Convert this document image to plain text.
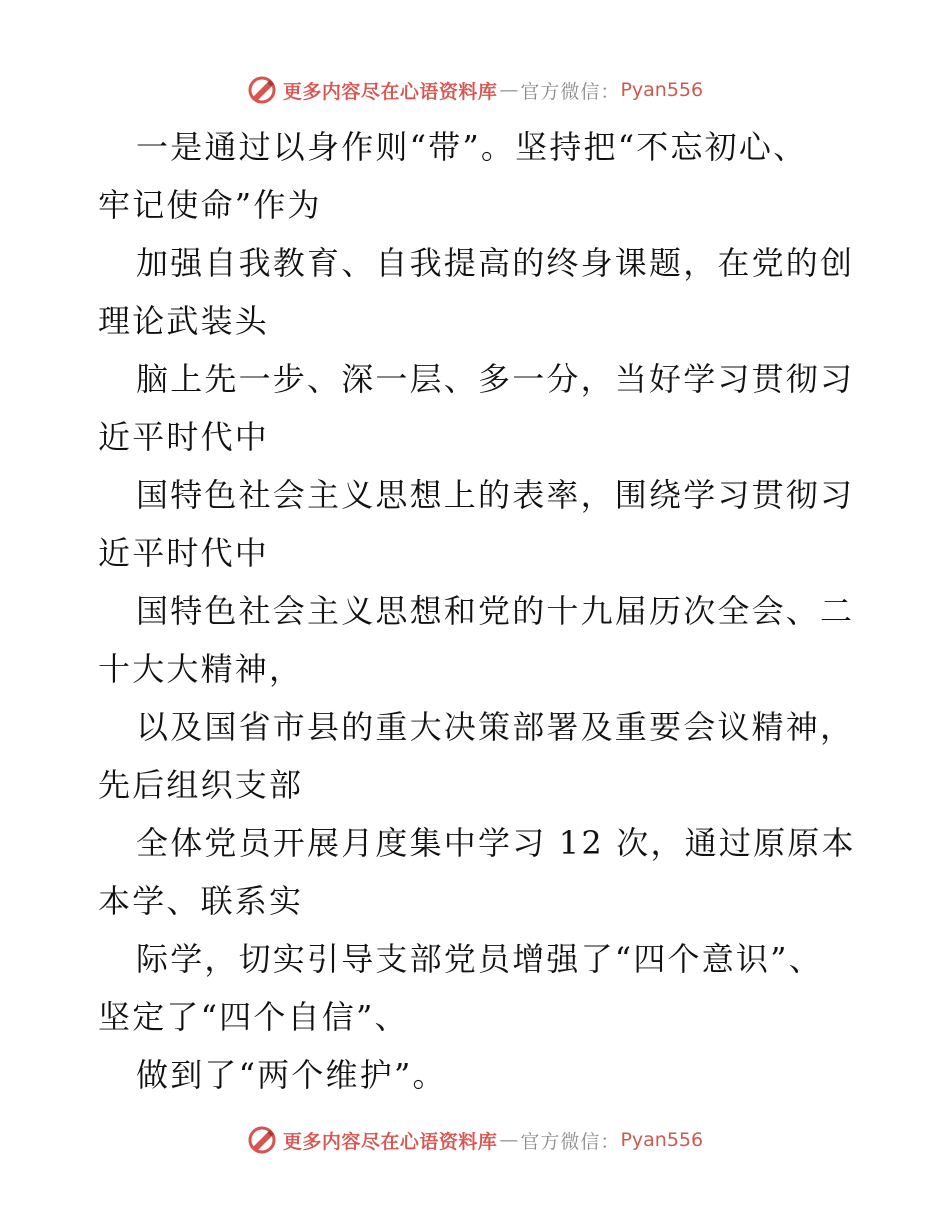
更多内容尽在心语资料库 — 官方微信： Pyan556
一是通过以身作则“带”。坚持把“不忘初心、
牢记使命”作为
加强自我教育、自我提高的终身课题，在党的创
理论武装头
脑上先一步、深一层、多一分，当好学习贯彻习
近平时代中
国特色社会主义思想上的表率，围绕学习贯彻习
近平时代中
国特色社会主义思想和党的十九届历次全会、二
十大大精神，
以及国省市县的重大决策部署及重要会议精神，
先后组织支部
全体党员开展月度集中学习 12 次，通过原原本
本学、联系实
际学，切实引导支部党员增强了“四个意识”、
坚定了“四个自信”、
做到了“两个维护”。
更多内容尽在心语资料库 — 官方微信： Pyan556
